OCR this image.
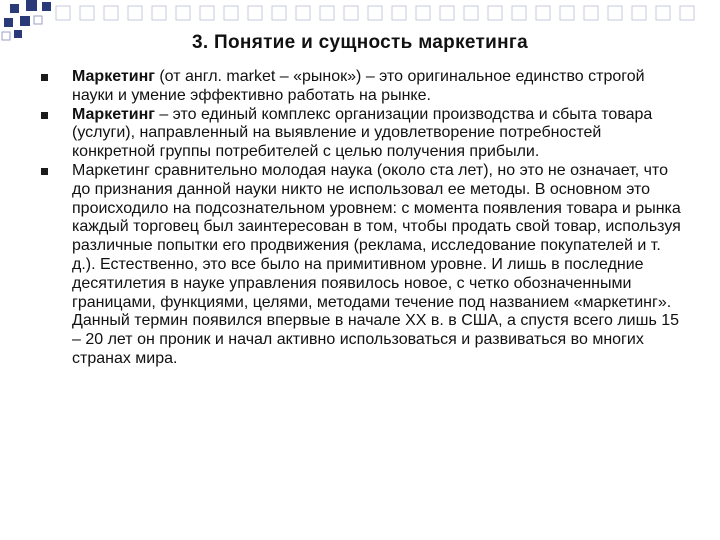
3. Понятие и сущность маркетинга
Маркетинг (от англ. market – «рынок») – это оригинальное единство строгой науки и умение эффективно работать на рынке.
Маркетинг – это единый комплекс организации производства и сбыта товара (услуги), направленный на выявление и удовлетворение потребностей конкретной группы потребителей с целью получения прибыли.
Маркетинг сравнительно молодая наука (около ста лет), но это не означает, что до признания данной науки никто не использовал ее методы. В основном это происходило на подсознательном уровнем: с момента появления товара и рынка каждый торговец был заинтересован в том, чтобы продать свой товар, используя различные попытки его продвижения (реклама, исследование покупателей и т. д.). Естественно, это все было на примитивном уровне. И лишь в последние десятилетия в науке управления появилось новое, с четко обозначенными границами, функциями, целями, методами течение под названием «маркетинг». Данный термин появился впервые в начале XX в. в США, а спустя всего лишь 15 – 20 лет он проник и начал активно использоваться и развиваться во многих странах мира.
